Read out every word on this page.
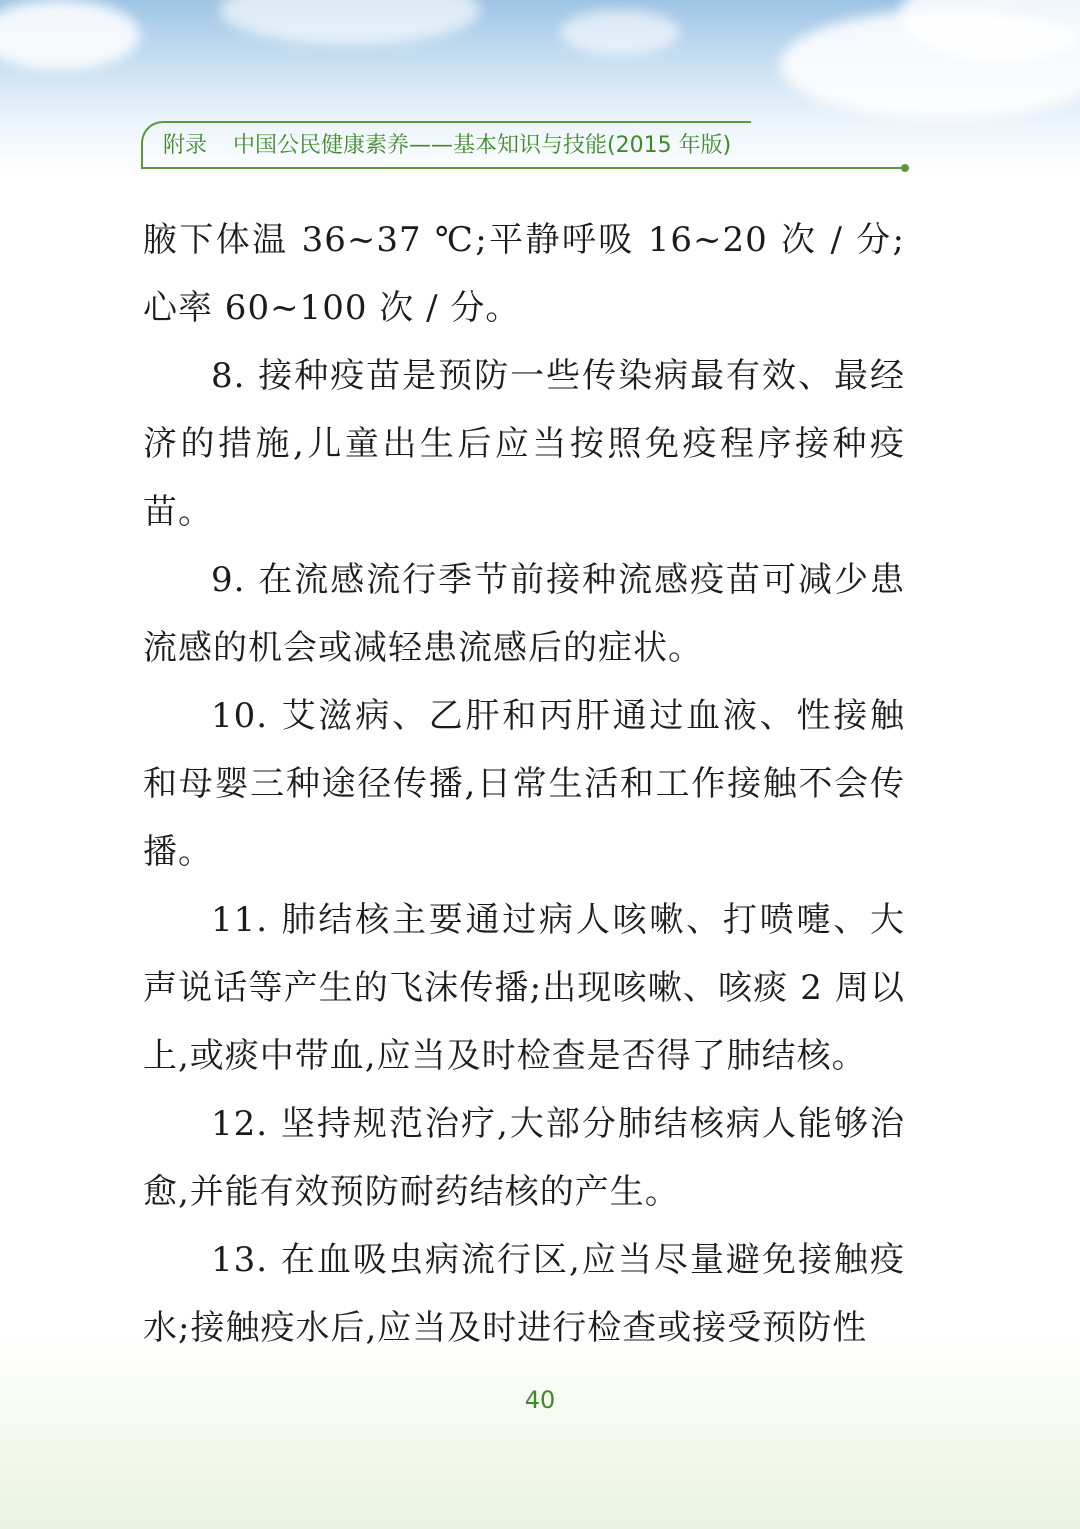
附录 中国公民健康素养——基本知识与技能(2015 年版)

腋下体温 36~37 ℃;平静呼吸 16~20 次 / 分;心率 60~100 次 / 分。

8. 接种疫苗是预防一些传染病最有效、最经济的措施,儿童出生后应当按照免疫程序接种疫苗。

9. 在流感流行季节前接种流感疫苗可减少患流感的机会或减轻患流感后的症状。

10. 艾滋病、乙肝和丙肝通过血液、性接触和母婴三种途径传播,日常生活和工作接触不会传播。

11. 肺结核主要通过病人咳嗽、打喷嚏、大声说话等产生的飞沫传播;出现咳嗽、咳痰 2 周以上,或痰中带血,应当及时检查是否得了肺结核。

12. 坚持规范治疗,大部分肺结核病人能够治愈,并能有效预防耐药结核的产生。

13. 在血吸虫病流行区,应当尽量避免接触疫水;接触疫水后,应当及时进行检查或接受预防性

40
